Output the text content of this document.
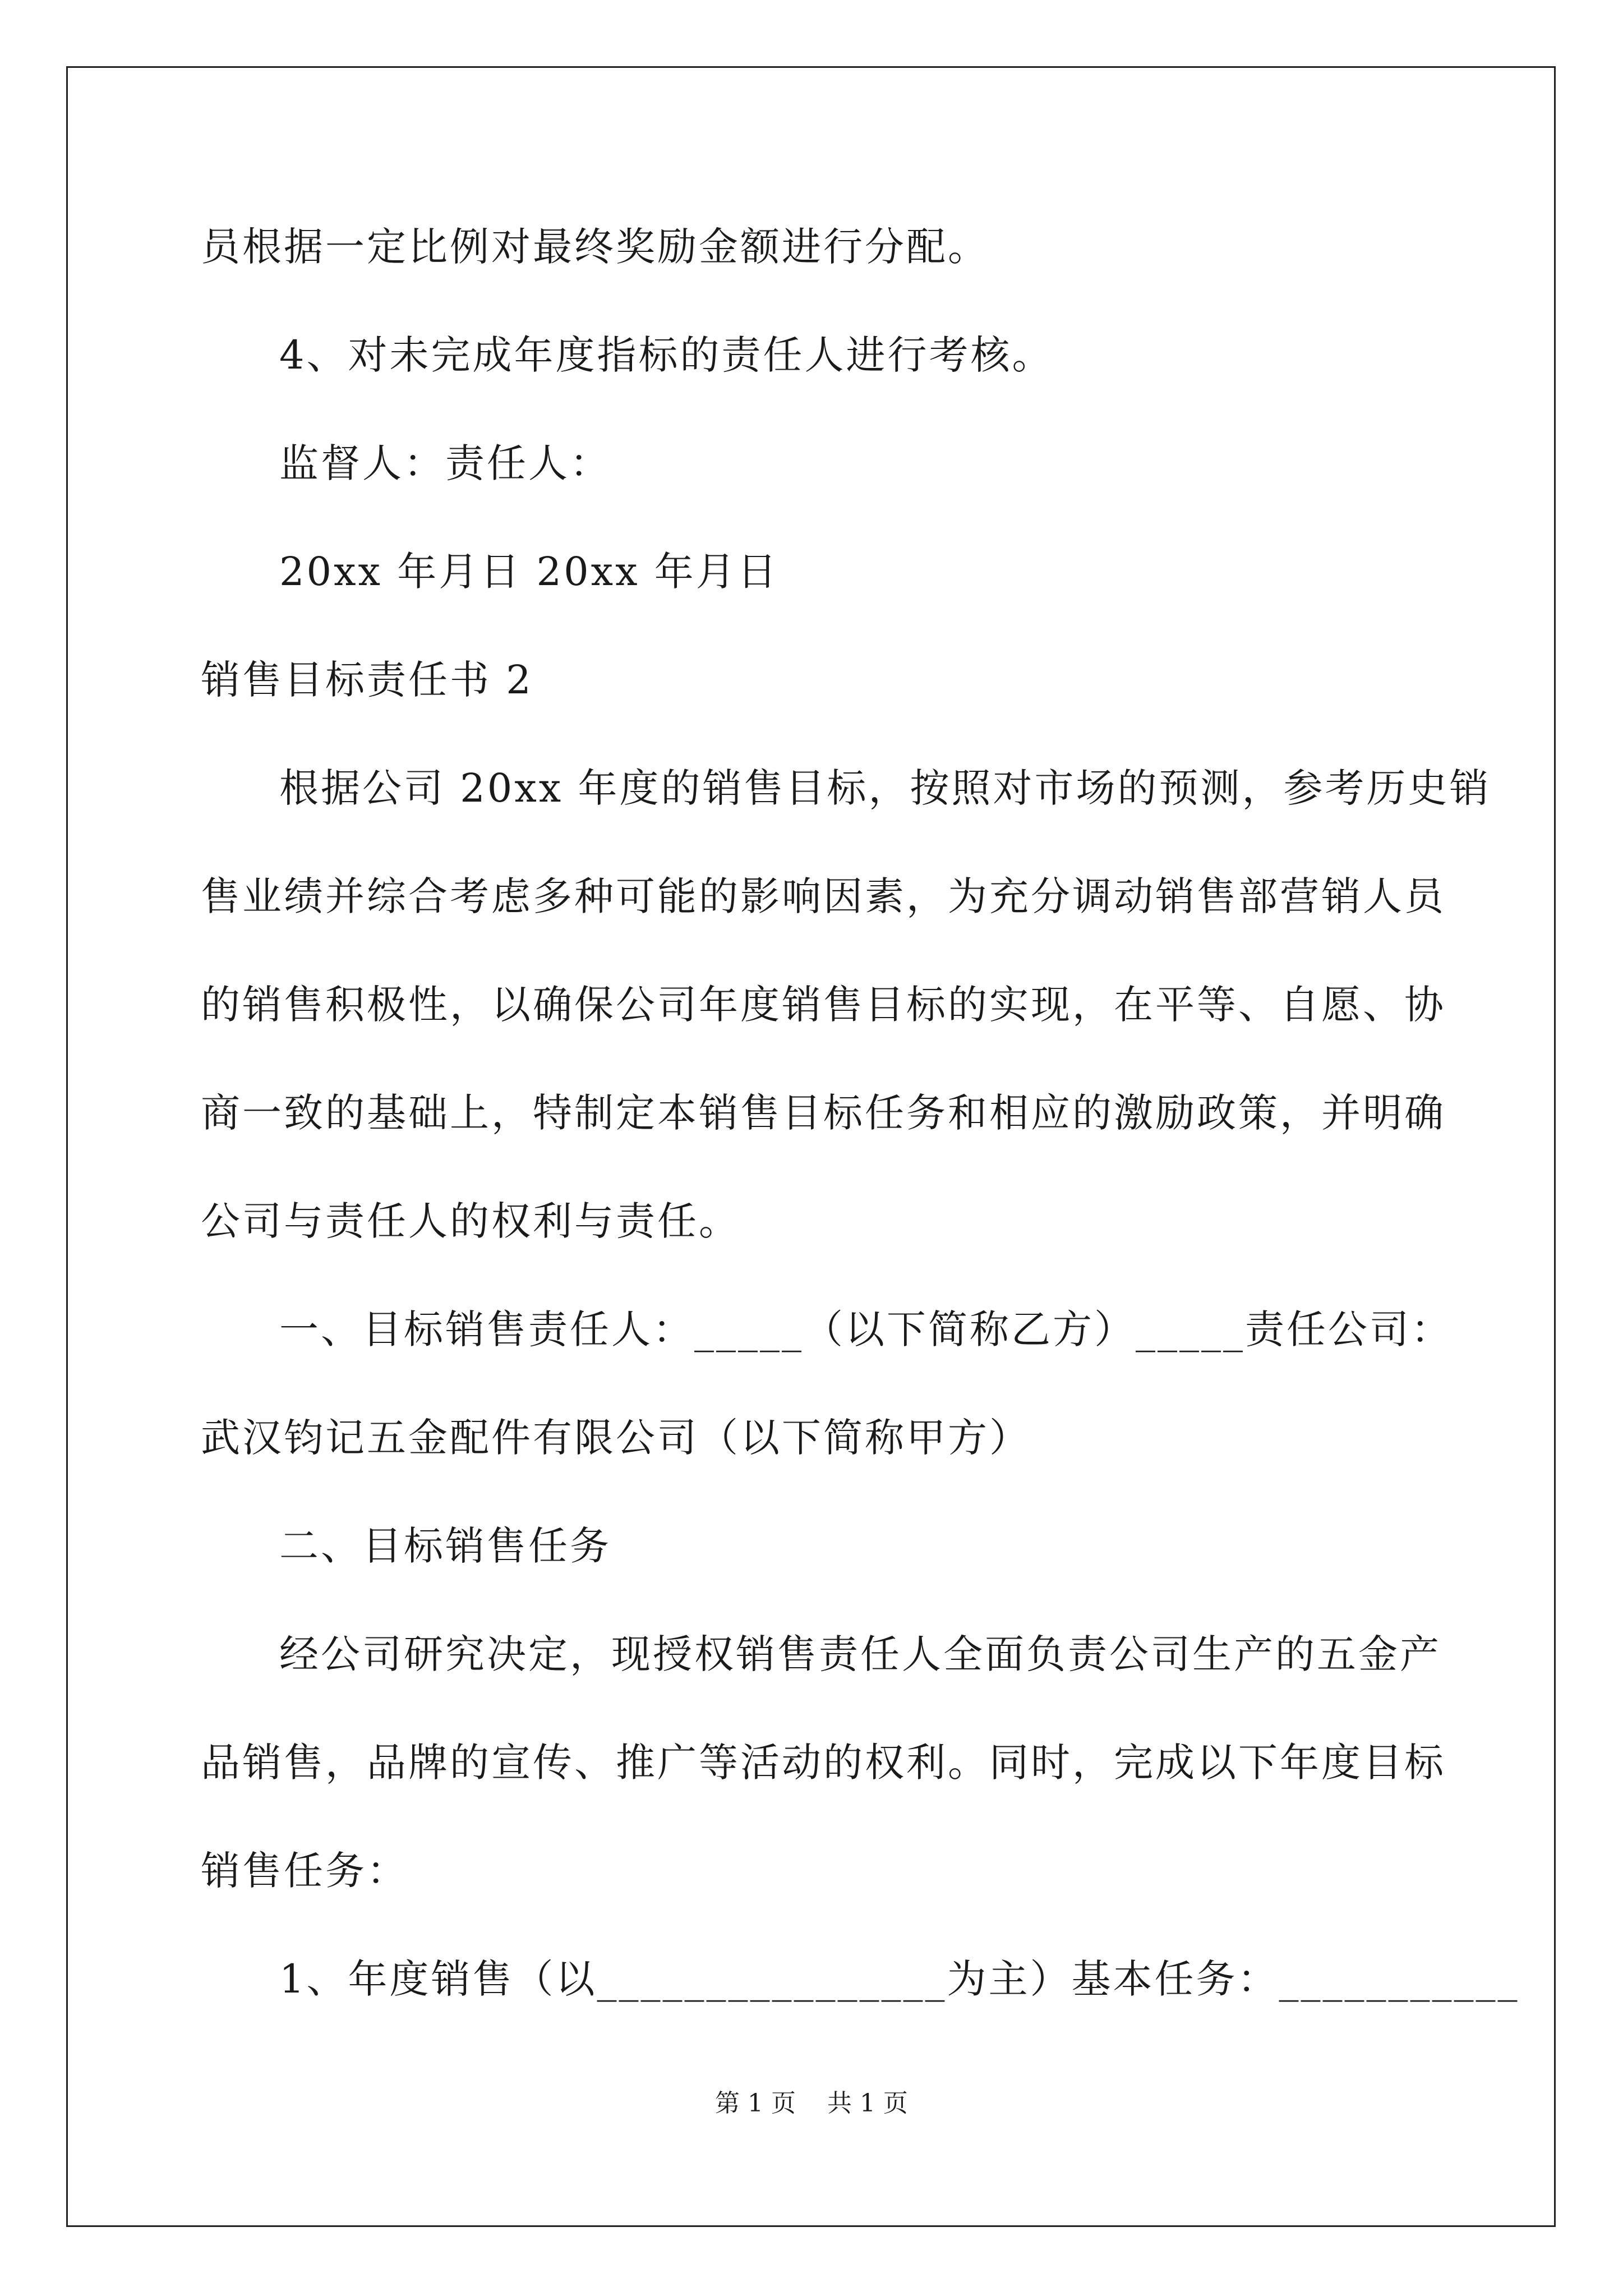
员根据一定比例对最终奖励金额进行分配。
4、对未完成年度指标的责任人进行考核。
监督人：责任人：
20xx 年月日 20xx 年月日
销售目标责任书 2
根据公司 20xx 年度的销售目标，按照对市场的预测，参考历史销
售业绩并综合考虑多种可能的影响因素，为充分调动销售部营销人员
的销售积极性，以确保公司年度销售目标的实现，在平等、自愿、协
商一致的基础上，特制定本销售目标任务和相应的激励政策，并明确
公司与责任人的权利与责任。
一、目标销售责任人：_____（以下简称乙方）_____责任公司：
武汉钧记五金配件有限公司（以下简称甲方）
二、目标销售任务
经公司研究决定，现授权销售责任人全面负责公司生产的五金产
品销售，品牌的宣传、推广等活动的权利。同时，完成以下年度目标
销售任务：
1、年度销售（以________________为主）基本任务：___________
第 1 页    共 1 页
